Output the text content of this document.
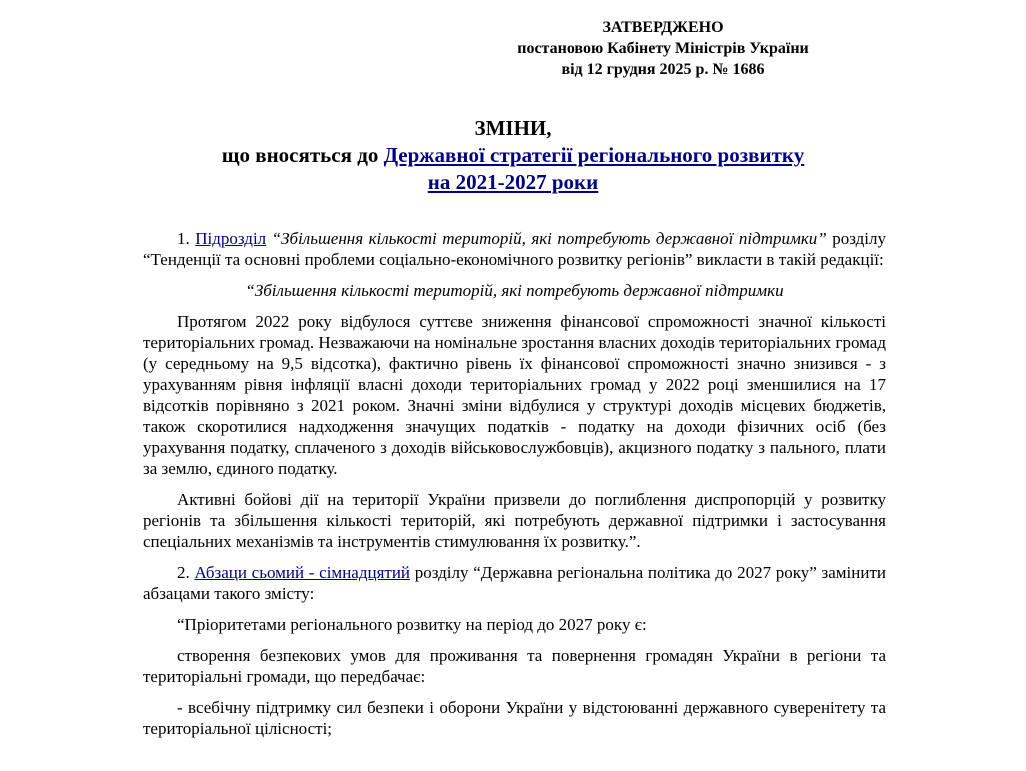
ЗАТВЕРДЖЕНО
постановою Кабінету Міністрів України
від 12 грудня 2025 р. № 1686
ЗМІНИ,
що вносяться до Державної стратегії регіонального розвитку
на 2021-2027 роки

1. Підрозділ “Збільшення кількості територій, які потребують державної підтримки” розділу “Тенденції та основні проблеми соціально-економічного розвитку регіонів” викласти в такій редакції:

“Збільшення кількості територій, які потребують державної підтримки

Протягом 2022 року відбулося суттєве зниження фінансової спроможності значної кількості територіальних громад. Незважаючи на номінальне зростання власних доходів територіальних громад (у середньому на 9,5 відсотка), фактично рівень їх фінансової спроможності значно знизився - з урахуванням рівня інфляції власні доходи територіальних громад у 2022 році зменшилися на 17 відсотків порівняно з 2021 роком. Значні зміни відбулися у структурі доходів місцевих бюджетів, також скоротилися надходження значущих податків - податку на доходи фізичних осіб (без урахування податку, сплаченого з доходів військовослужбовців), акцизного податку з пального, плати за землю, єдиного податку.

Активні бойові дії на території України призвели до поглиблення диспропорцій у розвитку регіонів та збільшення кількості територій, які потребують державної підтримки і застосування спеціальних механізмів та інструментів стимулювання їх розвитку.”.

2. Абзаци сьомий - сімнадцятий розділу “Державна регіональна політика до 2027 року” замінити абзацами такого змісту:

“Пріоритетами регіонального розвитку на період до 2027 року є:

створення безпекових умов для проживання та повернення громадян України в регіони та територіальні громади, що передбачає:

- всебічну підтримку сил безпеки і оборони України у відстоюванні державного суверенітету та територіальної цілісності;
